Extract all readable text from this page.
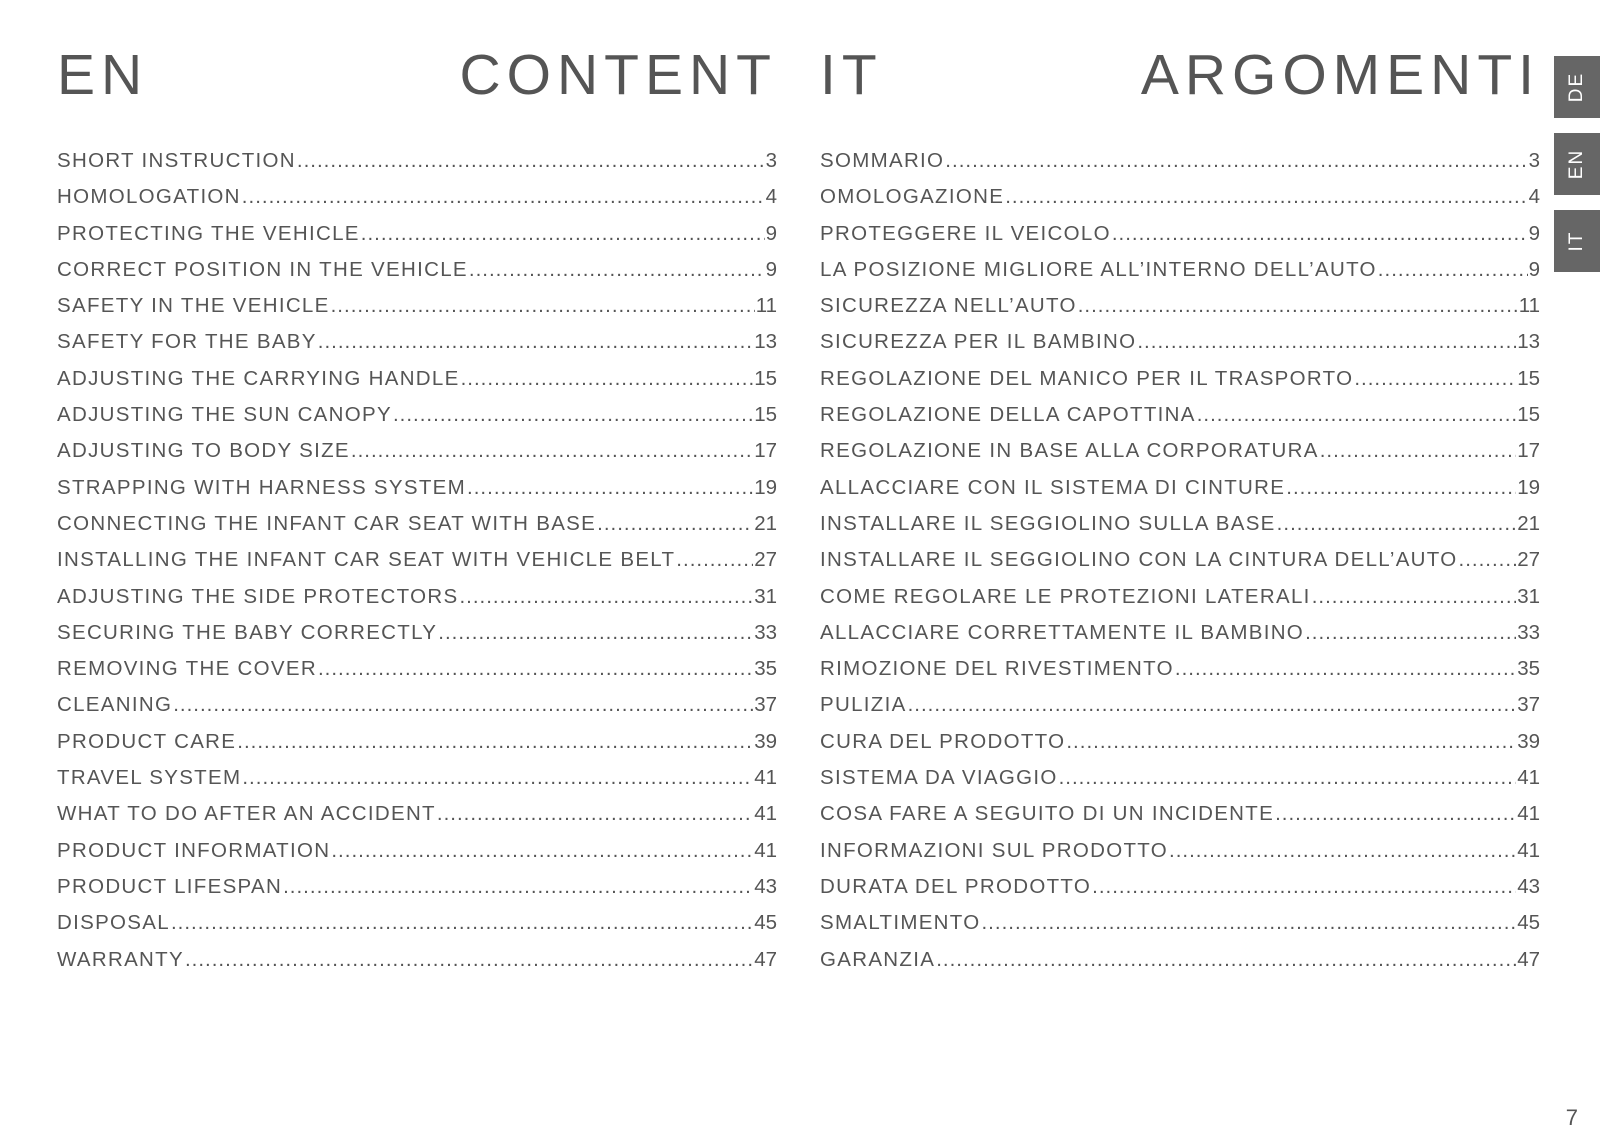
EN	CONTENT
SHORT INSTRUCTION .....	3
HOMOLOGATION .....	4
PROTECTING THE VEHICLE .....	9
CORRECT POSITION IN THE VEHICLE .....	9
SAFETY IN THE VEHICLE .....	11
SAFETY FOR THE BABY .....	13
ADJUSTING THE CARRYING HANDLE .....	15
ADJUSTING THE SUN CANOPY .....	15
ADJUSTING TO BODY SIZE .....	17
STRAPPING WITH HARNESS SYSTEM .....	19
CONNECTING THE INFANT CAR SEAT WITH BASE .....	21
INSTALLING THE INFANT CAR SEAT WITH VEHICLE BELT .....	27
ADJUSTING THE SIDE PROTECTORS .....	31
SECURING THE BABY CORRECTLY .....	33
REMOVING THE COVER .....	35
CLEANING .....	37
PRODUCT CARE .....	39
TRAVEL SYSTEM .....	41
WHAT TO DO AFTER AN ACCIDENT .....	41
PRODUCT INFORMATION .....	41
PRODUCT LIFESPAN .....	43
DISPOSAL .....	45
WARRANTY .....	47
IT	ARGOMENTI
SOMMARIO .....	3
OMOLOGAZIONE .....	4
PROTEGGERE IL VEICOLO .....	9
LA POSIZIONE MIGLIORE ALL’INTERNO DELL’AUTO .....	9
SICUREZZA NELL’AUTO .....	11
SICUREZZA PER IL BAMBINO .....	13
REGOLAZIONE DEL MANICO PER IL TRASPORTO .....	15
REGOLAZIONE DELLA CAPOTTINA .....	15
REGOLAZIONE IN BASE ALLA CORPORATURA .....	17
ALLACCIARE CON IL SISTEMA DI CINTURE .....	19
INSTALLARE IL SEGGIOLINO SULLA BASE .....	21
INSTALLARE IL SEGGIOLINO CON LA CINTURA DELL’AUTO .....	27
COME REGOLARE LE PROTEZIONI LATERALI .....	31
ALLACCIARE CORRETTAMENTE IL BAMBINO .....	33
RIMOZIONE DEL RIVESTIMENTO .....	35
PULIZIA .....	37
CURA DEL PRODOTTO .....	39
SISTEMA DA VIAGGIO .....	41
COSA FARE A SEGUITO DI UN INCIDENTE .....	41
INFORMAZIONI SUL PRODOTTO .....	41
DURATA DEL PRODOTTO .....	43
SMALTIMENTO .....	45
GARANZIA .....	47
DE
EN
IT
7
